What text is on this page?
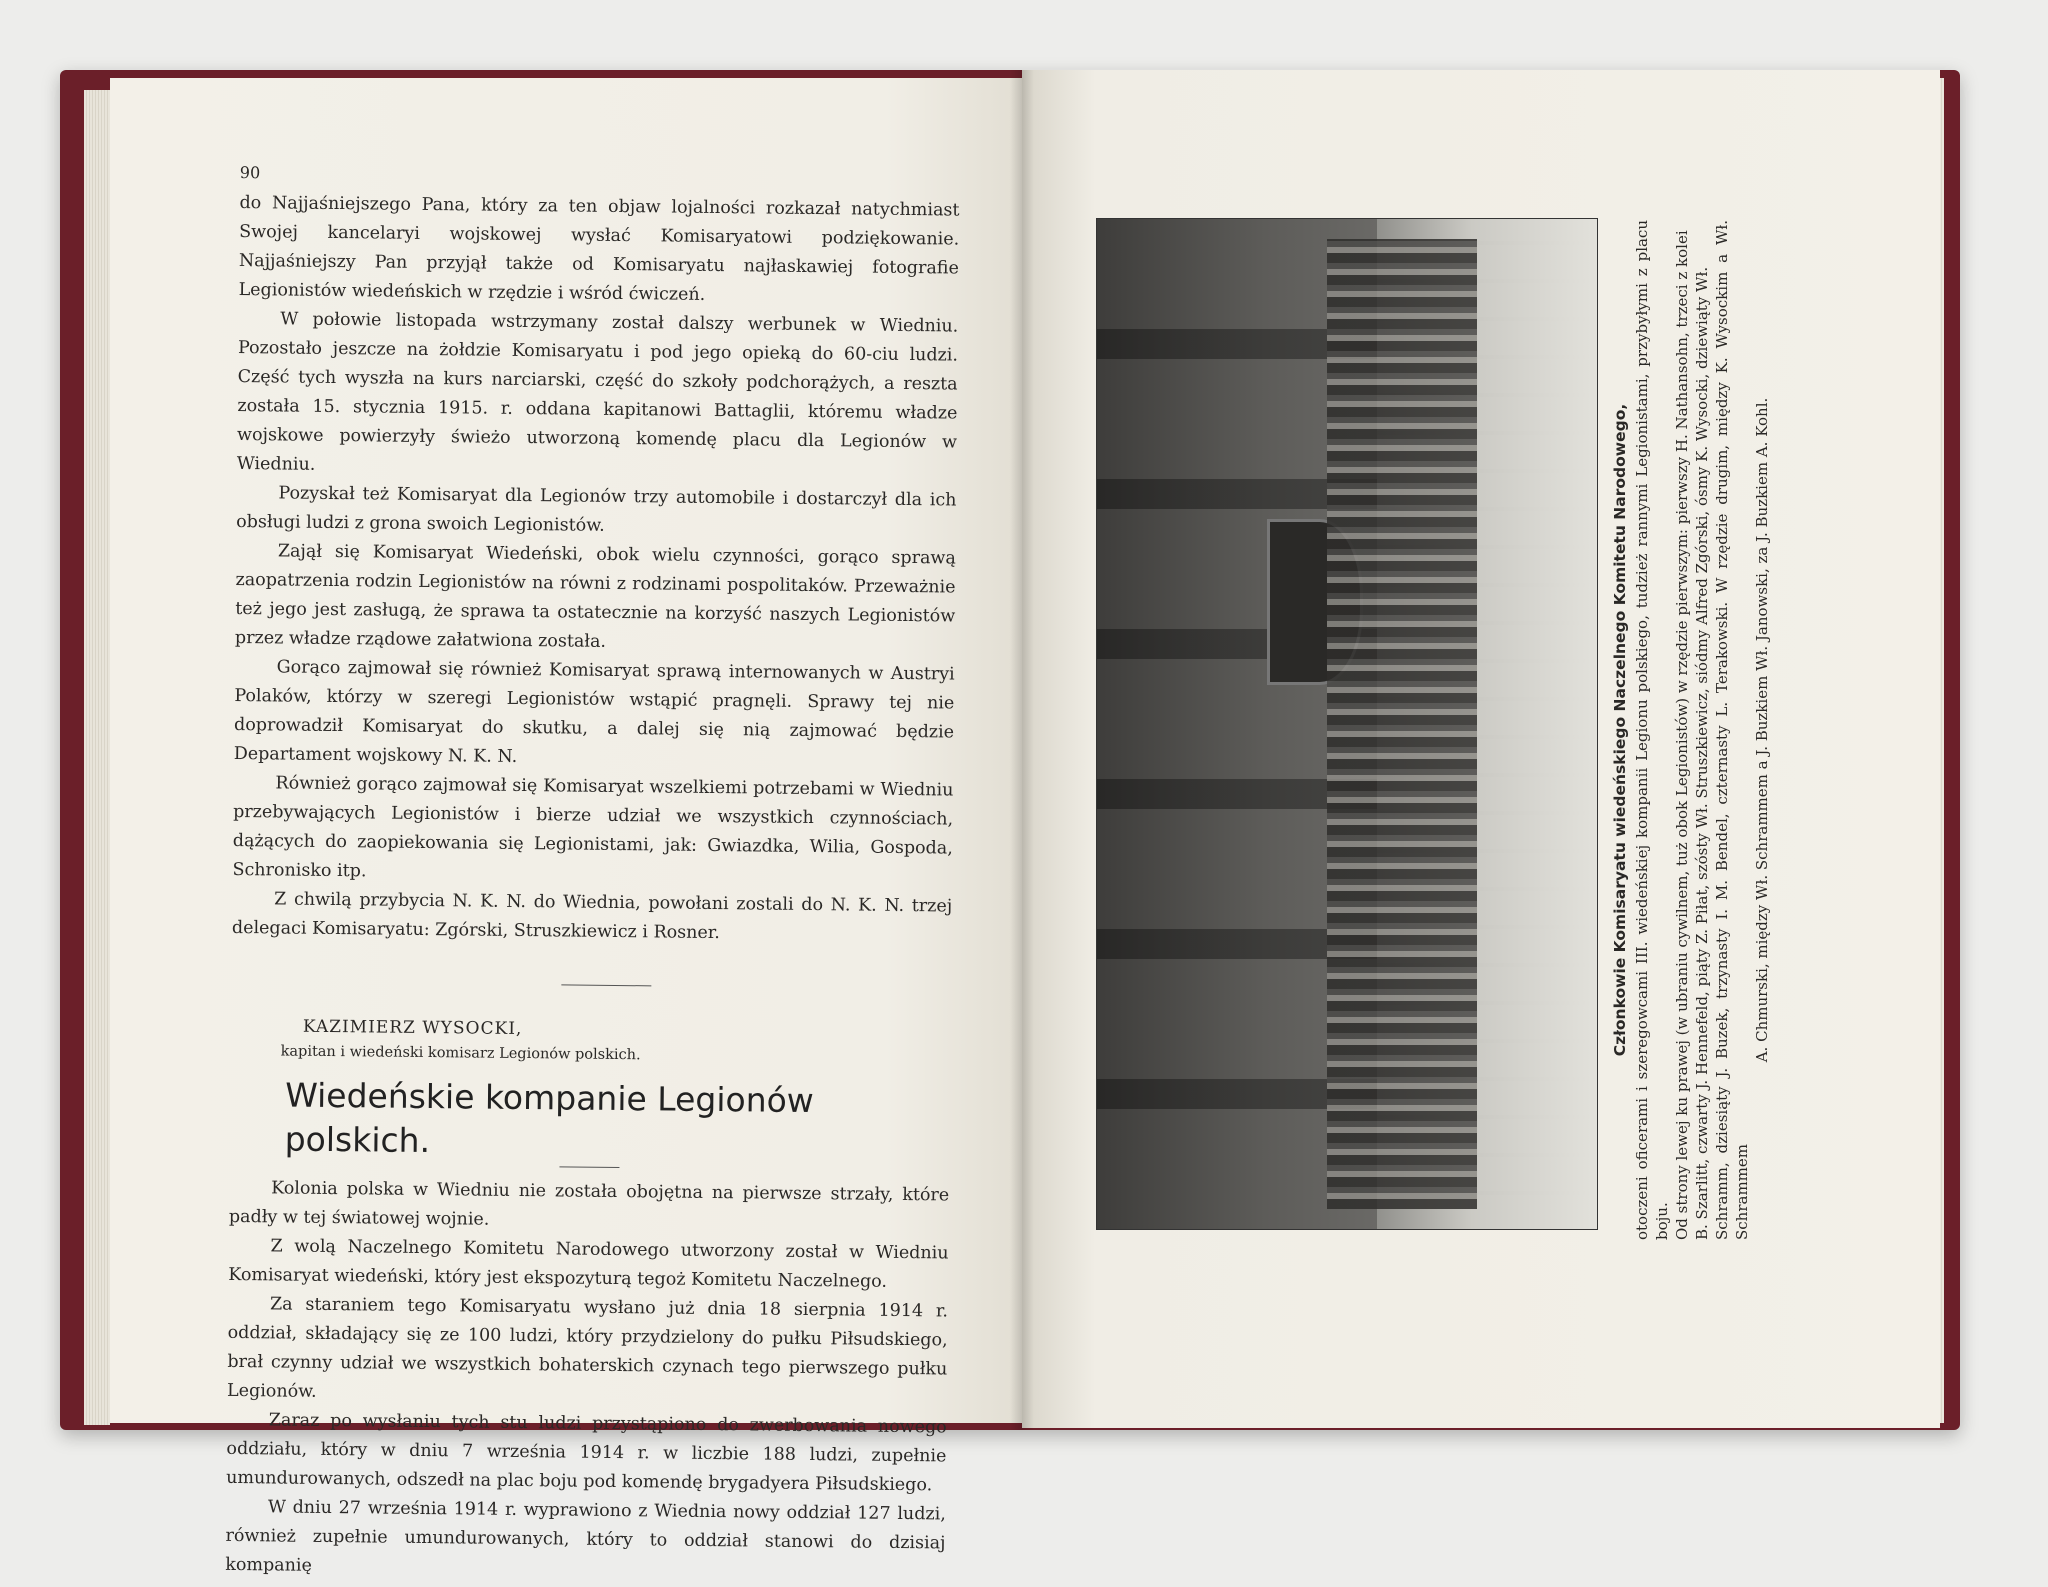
90

do Najjaśniejszego Pana, który za ten objaw lojalności rozkazał natychmiast Swojej kancelaryi wojskowej wysłać Komisaryatowi podziękowanie. Najjaśniejszy Pan przyjął także od Komisaryatu najłaskawiej fotografie Legionistów wiedeńskich w rzędzie i wśród ćwiczeń.

W połowie listopada wstrzymany został dalszy werbunek w Wiedniu. Pozostało jeszcze na żołdzie Komisaryatu i pod jego opieką do 60-ciu ludzi. Część tych wyszła na kurs narciarski, część do szkoły podchorążych, a reszta została 15. stycznia 1915. r. oddana kapitanowi Battaglii, któremu władze wojskowe powierzyły świeżo utworzoną komendę placu dla Legionów w Wiedniu.

Pozyskał też Komisaryat dla Legionów trzy automobile i dostarczył dla ich obsługi ludzi z grona swoich Legionistów.

Zajął się Komisaryat Wiedeński, obok wielu czynności, gorąco sprawą zaopatrzenia rodzin Legionistów na równi z rodzinami pospolitaków. Przeważnie też jego jest zasługą, że sprawa ta ostatecznie na korzyść naszych Legionistów przez władze rządowe załatwiona została.

Gorąco zajmował się również Komisaryat sprawą internowanych w Austryi Polaków, którzy w szeregi Legionistów wstąpić pragnęli. Sprawy tej nie doprowadził Komisaryat do skutku, a dalej się nią zajmować będzie Departament wojskowy N. K. N.

Również gorąco zajmował się Komisaryat wszelkiemi potrzebami w Wiedniu przebywających Legionistów i bierze udział we wszystkich czynnościach, dążących do zaopiekowania się Legionistami, jak: Gwiazdka, Wilia, Gospoda, Schronisko itp.

Z chwilą przybycia N. K. N. do Wiednia, powołani zostali do N. K. N. trzej delegaci Komisaryatu: Zgórski, Struszkiewicz i Rosner.

KAZIMIERZ WYSOCKI,
kapitan i wiedeński komisarz Legionów polskich.
Wiedeńskie kompanie Legionów polskich.

Kolonia polska w Wiedniu nie została obojętna na pierwsze strzały, które padły w tej światowej wojnie.

Z wolą Naczelnego Komitetu Narodowego utworzony został w Wiedniu Komisaryat wiedeński, który jest ekspozyturą tegoż Komitetu Naczelnego.

Za staraniem tego Komisaryatu wysłano już dnia 18 sierpnia 1914 r. oddział, składający się ze 100 ludzi, który przydzielony do pułku Piłsudskiego, brał czynny udział we wszystkich bohaterskich czynach tego pierwszego pułku Legionów.

Zaraz po wysłaniu tych stu ludzi przystąpiono do zwerbowania nowego oddziału, który w dniu 7 września 1914 r. w liczbie 188 ludzi, zupełnie umundurowanych, odszedł na plac boju pod komendę brygadyera Piłsudskiego.

W dniu 27 września 1914 r. wyprawiono z Wiednia nowy oddział 127 ludzi, również zupełnie umundurowanych, który to oddział stanowi do dzisiaj kompanię

Członkowie Komisaryatu wiedeńskiego Naczelnego Komitetu Narodowego, otoczeni oficerami i szeregowcami III. wiedeńskiej kompanii Legionu polskiego, tudzież rannymi Legionistami, przybyłymi z placu boju. Od strony lewej ku prawej (w ubraniu cywilnem, tuż obok Legionistów) w rzędzie pierwszym: pierwszy H. Nathansohn, trzeci z kolei B. Szarlitt, czwarty J. Hennefeld, piąty Z. Piłat, szósty Wł. Struszkiewicz, siódmy Alfred Zgórski, ósmy K. Wysocki, dziewiąty Wł. Schramm, dziesiąty J. Buzek, trzynasty I. M. Bendel, czternasty L. Terakowski. W rzędzie drugim, między K. Wysockim a Wł. Schrammem

A. Chmurski, między Wł. Schrammem a J. Buzkiem Wł. Janowski, za J. Buzkiem A. Kohl.
